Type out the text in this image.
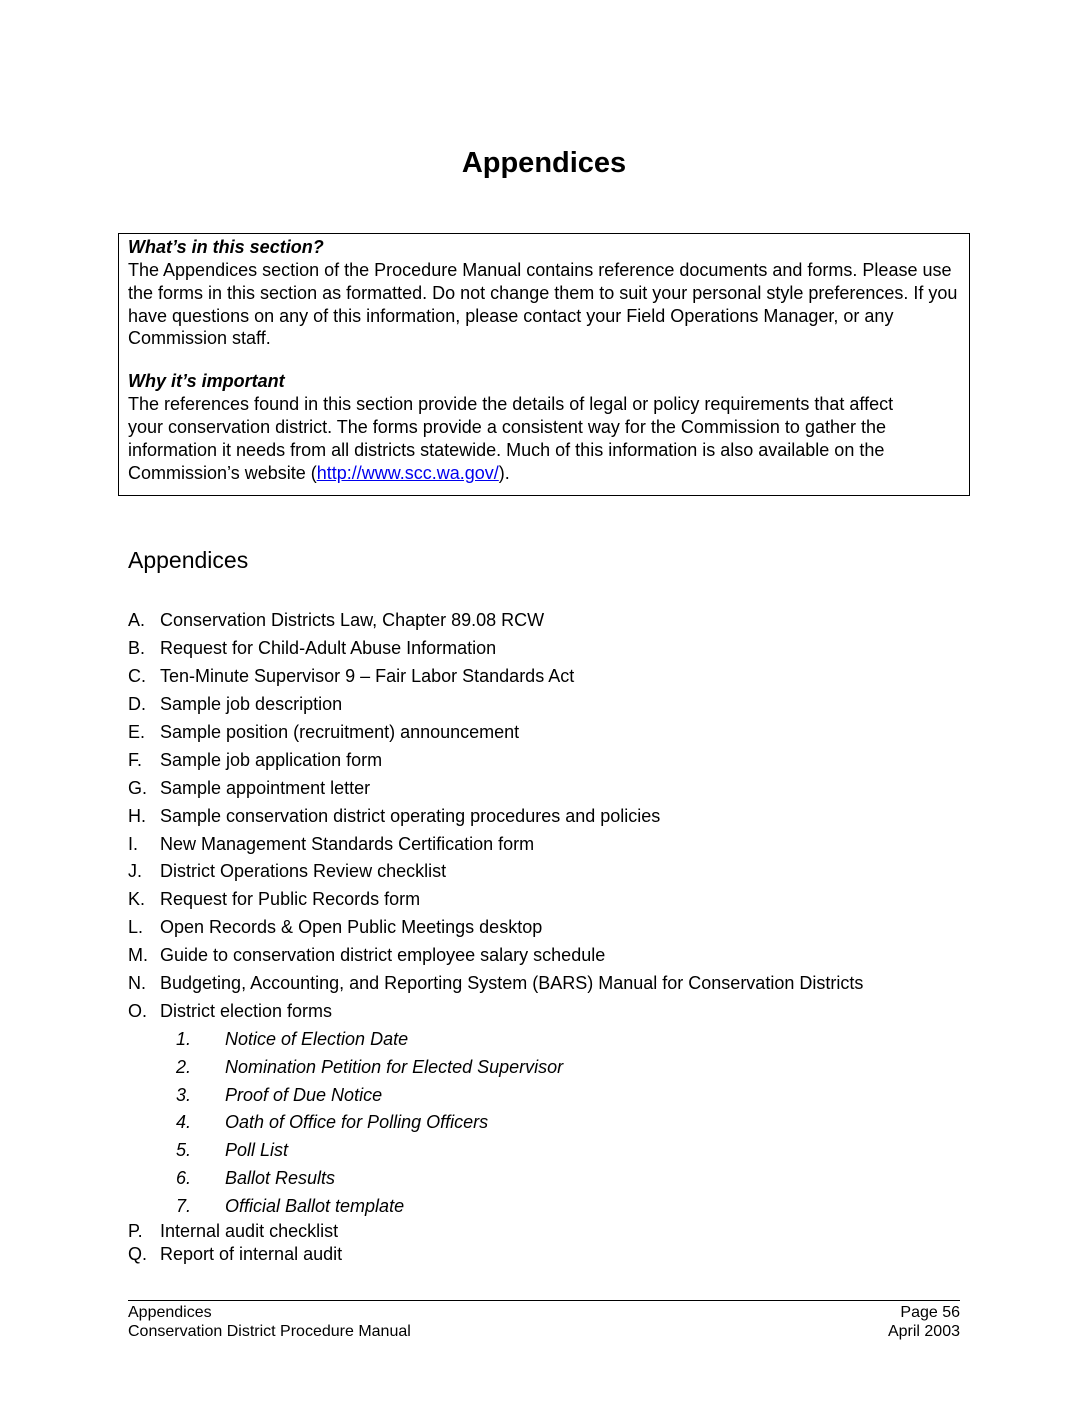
Appendices

What’s in this section?

The Appendices section of the Procedure Manual contains reference documents and forms. Please use the forms in this section as formatted. Do not change them to suit your personal style preferences. If you have questions on any of this information, please contact your Field Operations Manager, or any Commission staff.

Why it’s important

The references found in this section provide the details of legal or policy requirements that affect
your conservation district. The forms provide a consistent way for the Commission to gather the
information it needs from all districts statewide. Much of this information is also available on the
Commission’s website (http://www.scc.wa.gov/).

Appendices
A. Conservation Districts Law, Chapter 89.08 RCW
B. Request for Child-Adult Abuse Information
C. Ten-Minute Supervisor 9 – Fair Labor Standards Act
D. Sample job description
E. Sample position (recruitment) announcement
F. Sample job application form
G. Sample appointment letter
H. Sample conservation district operating procedures and policies
I.	New Management Standards Certification form
J. District Operations Review checklist
K. Request for Public Records form
L. Open Records & Open Public Meetings desktop
M. Guide to conservation district employee salary schedule
N. Budgeting, Accounting, and Reporting System (BARS) Manual for Conservation Districts
O. District election forms
1.	Notice of Election Date
2.	Nomination Petition for Elected Supervisor
3.	Proof of Due Notice
4.	Oath of Office for Polling Officers
5.	Poll List
6.	Ballot Results
7.	Official Ballot template
P. Internal audit checklist
Q. Report of internal audit
Appendices	Page 56
Conservation District Procedure Manual	April 2003
